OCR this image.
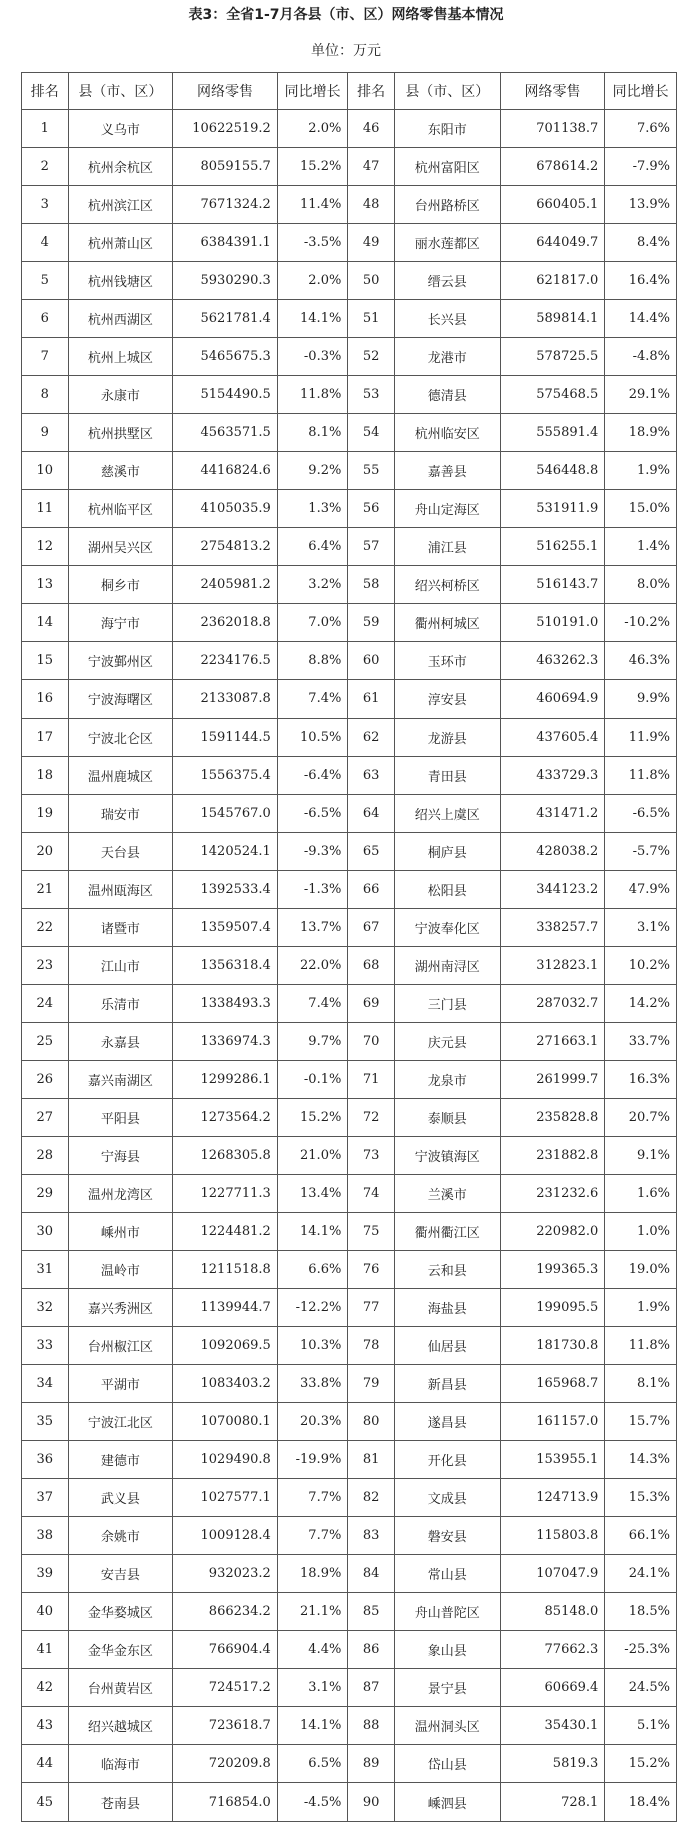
表3：全省1-7月各县（市、区）网络零售基本情况
单位：万元
排名	县（市、区）	网络零售	同比增长	排名	县（市、区）	网络零售	同比增长
1	义乌市	10622519.2	2.0%	46	东阳市	701138.7	7.6%
2	杭州余杭区	8059155.7	15.2%	47	杭州富阳区	678614.2	-7.9%
3	杭州滨江区	7671324.2	11.4%	48	台州路桥区	660405.1	13.9%
4	杭州萧山区	6384391.1	-3.5%	49	丽水莲都区	644049.7	8.4%
5	杭州钱塘区	5930290.3	2.0%	50	缙云县	621817.0	16.4%
6	杭州西湖区	5621781.4	14.1%	51	长兴县	589814.1	14.4%
7	杭州上城区	5465675.3	-0.3%	52	龙港市	578725.5	-4.8%
8	永康市	5154490.5	11.8%	53	德清县	575468.5	29.1%
9	杭州拱墅区	4563571.5	8.1%	54	杭州临安区	555891.4	18.9%
10	慈溪市	4416824.6	9.2%	55	嘉善县	546448.8	1.9%
11	杭州临平区	4105035.9	1.3%	56	舟山定海区	531911.9	15.0%
12	湖州吴兴区	2754813.2	6.4%	57	浦江县	516255.1	1.4%
13	桐乡市	2405981.2	3.2%	58	绍兴柯桥区	516143.7	8.0%
14	海宁市	2362018.8	7.0%	59	衢州柯城区	510191.0	-10.2%
15	宁波鄞州区	2234176.5	8.8%	60	玉环市	463262.3	46.3%
16	宁波海曙区	2133087.8	7.4%	61	淳安县	460694.9	9.9%
17	宁波北仑区	1591144.5	10.5%	62	龙游县	437605.4	11.9%
18	温州鹿城区	1556375.4	-6.4%	63	青田县	433729.3	11.8%
19	瑞安市	1545767.0	-6.5%	64	绍兴上虞区	431471.2	-6.5%
20	天台县	1420524.1	-9.3%	65	桐庐县	428038.2	-5.7%
21	温州瓯海区	1392533.4	-1.3%	66	松阳县	344123.2	47.9%
22	诸暨市	1359507.4	13.7%	67	宁波奉化区	338257.7	3.1%
23	江山市	1356318.4	22.0%	68	湖州南浔区	312823.1	10.2%
24	乐清市	1338493.3	7.4%	69	三门县	287032.7	14.2%
25	永嘉县	1336974.3	9.7%	70	庆元县	271663.1	33.7%
26	嘉兴南湖区	1299286.1	-0.1%	71	龙泉市	261999.7	16.3%
27	平阳县	1273564.2	15.2%	72	泰顺县	235828.8	20.7%
28	宁海县	1268305.8	21.0%	73	宁波镇海区	231882.8	9.1%
29	温州龙湾区	1227711.3	13.4%	74	兰溪市	231232.6	1.6%
30	嵊州市	1224481.2	14.1%	75	衢州衢江区	220982.0	1.0%
31	温岭市	1211518.8	6.6%	76	云和县	199365.3	19.0%
32	嘉兴秀洲区	1139944.7	-12.2%	77	海盐县	199095.5	1.9%
33	台州椒江区	1092069.5	10.3%	78	仙居县	181730.8	11.8%
34	平湖市	1083403.2	33.8%	79	新昌县	165968.7	8.1%
35	宁波江北区	1070080.1	20.3%	80	遂昌县	161157.0	15.7%
36	建德市	1029490.8	-19.9%	81	开化县	153955.1	14.3%
37	武义县	1027577.1	7.7%	82	文成县	124713.9	15.3%
38	余姚市	1009128.4	7.7%	83	磐安县	115803.8	66.1%
39	安吉县	932023.2	18.9%	84	常山县	107047.9	24.1%
40	金华婺城区	866234.2	21.1%	85	舟山普陀区	85148.0	18.5%
41	金华金东区	766904.4	4.4%	86	象山县	77662.3	-25.3%
42	台州黄岩区	724517.2	3.1%	87	景宁县	60669.4	24.5%
43	绍兴越城区	723618.7	14.1%	88	温州洞头区	35430.1	5.1%
44	临海市	720209.8	6.5%	89	岱山县	5819.3	15.2%
45	苍南县	716854.0	-4.5%	90	嵊泗县	728.1	18.4%
